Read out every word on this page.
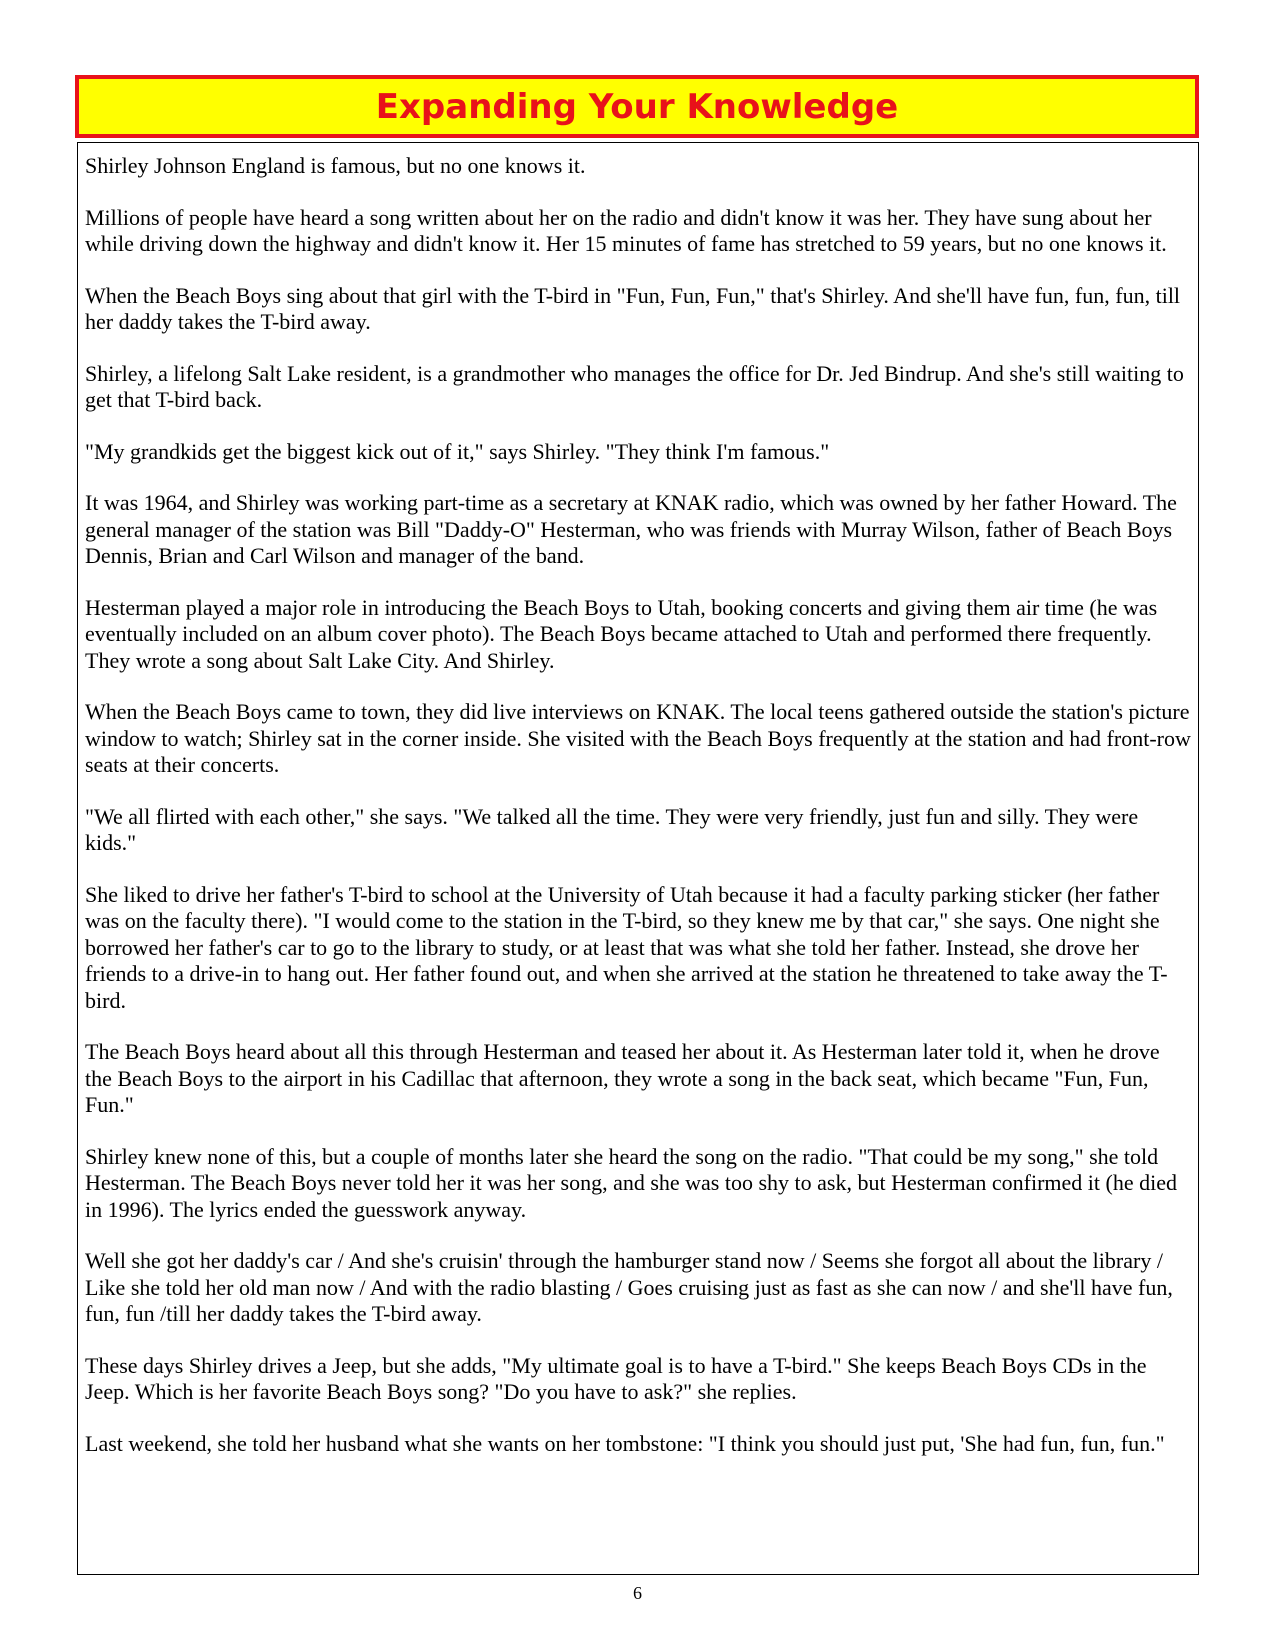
Expanding Your Knowledge

Shirley Johnson England is famous, but no one knows it.

Millions of people have heard a song written about her on the radio and didn't know it was her. They have sung about her while driving down the highway and didn't know it. Her 15 minutes of fame has stretched to 59 years, but no one knows it.

When the Beach Boys sing about that girl with the T-bird in "Fun, Fun, Fun," that's Shirley. And she'll have fun, fun, fun, till her daddy takes the T-bird away.

Shirley, a lifelong Salt Lake resident, is a grandmother who manages the office for Dr. Jed Bindrup. And she's still waiting to get that T-bird back.

"My grandkids get the biggest kick out of it," says Shirley. "They think I'm famous."

It was 1964, and Shirley was working part-time as a secretary at KNAK radio, which was owned by her father Howard. The general manager of the station was Bill "Daddy-O" Hesterman, who was friends with Murray Wilson, father of Beach Boys Dennis, Brian and Carl Wilson and manager of the band.

Hesterman played a major role in introducing the Beach Boys to Utah, booking concerts and giving them air time (he was eventually included on an album cover photo). The Beach Boys became attached to Utah and performed there frequently. They wrote a song about Salt Lake City. And Shirley.

When the Beach Boys came to town, they did live interviews on KNAK. The local teens gathered outside the station's picture window to watch; Shirley sat in the corner inside. She visited with the Beach Boys frequently at the station and had front-row seats at their concerts.

"We all flirted with each other," she says. "We talked all the time. They were very friendly, just fun and silly. They were kids."

She liked to drive her father's T-bird to school at the University of Utah because it had a faculty parking sticker (her father was on the faculty there). "I would come to the station in the T-bird, so they knew me by that car," she says. One night she borrowed her father's car to go to the library to study, or at least that was what she told her father. Instead, she drove her friends to a drive-in to hang out. Her father found out, and when she arrived at the station he threatened to take away the T-bird.

The Beach Boys heard about all this through Hesterman and teased her about it. As Hesterman later told it, when he drove the Beach Boys to the airport in his Cadillac that afternoon, they wrote a song in the back seat, which became "Fun, Fun, Fun."

Shirley knew none of this, but a couple of months later she heard the song on the radio. "That could be my song," she told Hesterman. The Beach Boys never told her it was her song, and she was too shy to ask, but Hesterman confirmed it (he died in 1996). The lyrics ended the guesswork anyway.

Well she got her daddy's car / And she's cruisin' through the hamburger stand now / Seems she forgot all about the library / Like she told her old man now / And with the radio blasting / Goes cruising just as fast as she can now / and she'll have fun, fun, fun /till her daddy takes the T-bird away.

These days Shirley drives a Jeep, but she adds, "My ultimate goal is to have a T-bird." She keeps Beach Boys CDs in the Jeep. Which is her favorite Beach Boys song? "Do you have to ask?" she replies.

Last weekend, she told her husband what she wants on her tombstone: "I think you should just put, 'She had fun, fun, fun."

6
